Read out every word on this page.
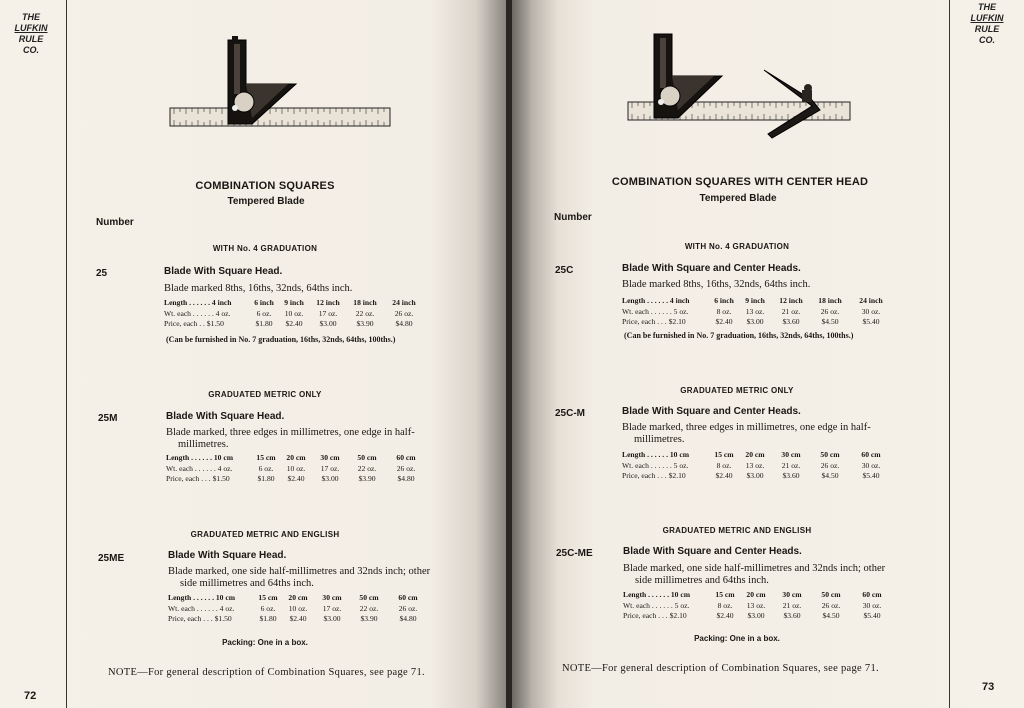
THE
LUFKIN
RULE
CO.
COMBINATION SQUARES
Tempered Blade
Number
WITH No. 4 GRADUATION
25	Blade With Square Head.
Blade marked 8ths, 16ths, 32nds, 64ths inch.
Length . . . . . . 4 inch	6 inch	9 inch	12 inch	18 inch	24 inch
Wt. each . . . . . . 4 oz.	6 oz.	10 oz.	17 oz.	22 oz.	26 oz.
Price, each . . $1.50	$1.80	$2.40	$3.00	$3.90	$4.80
(Can be furnished in No. 7 graduation, 16ths, 32nds, 64ths, 100ths.)
GRADUATED METRIC ONLY
25M	Blade With Square Head.
Blade marked, three edges in millimetres, one edge in half-
millimetres.
Length . . . . . . 10 cm	15 cm	20 cm	30 cm	50 cm	60 cm
Wt. each . . . . . . 4 oz.	6 oz.	10 oz.	17 oz.	22 oz.	26 oz.
Price, each . . . $1.50	$1.80	$2.40	$3.00	$3.90	$4.80
GRADUATED METRIC AND ENGLISH
25ME	Blade With Square Head.
Blade marked, one side half-millimetres and 32nds inch; other
side millimetres and 64ths inch.
Length . . . . . . 10 cm	15 cm	20 cm	30 cm	50 cm	60 cm
Wt. each . . . . . . 4 oz.	6 oz.	10 oz.	17 oz.	22 oz.	26 oz.
Price, each . . . $1.50	$1.80	$2.40	$3.00	$3.90	$4.80
Packing: One in a box.
NOTE—For general description of Combination Squares, see page 71.
72
THE
LUFKIN
RULE
CO.
COMBINATION SQUARES WITH CENTER HEAD
Tempered Blade
Number
WITH No. 4 GRADUATION
25C	Blade With Square and Center Heads.
Blade marked 8ths, 16ths, 32nds, 64ths inch.
Length . . . . . . 4 inch	6 inch	9 inch	12 inch	18 inch	24 inch
Wt. each . . . . . . 5 oz.	8 oz.	13 oz.	21 oz.	26 oz.	30 oz.
Price, each . . . $2.10	$2.40	$3.00	$3.60	$4.50	$5.40
(Can be furnished in No. 7 graduation, 16ths, 32nds, 64ths, 100ths.)
GRADUATED METRIC ONLY
25C-M	Blade With Square and Center Heads.
Blade marked, three edges in millimetres, one edge in half-
millimetres.
Length . . . . . . 10 cm	15 cm	20 cm	30 cm	50 cm	60 cm
Wt. each . . . . . . 5 oz.	8 oz.	13 oz.	21 oz.	26 oz.	30 oz.
Price, each . . . $2.10	$2.40	$3.00	$3.60	$4.50	$5.40
GRADUATED METRIC AND ENGLISH
25C-ME	Blade With Square and Center Heads.
Blade marked, one side half-millimetres and 32nds inch; other
side millimetres and 64ths inch.
Length . . . . . . 10 cm	15 cm	20 cm	30 cm	50 cm	60 cm
Wt. each . . . . . . 5 oz.	8 oz.	13 oz.	21 oz.	26 oz.	30 oz.
Price, each . . . $2.10	$2.40	$3.00	$3.60	$4.50	$5.40
Packing: One in a box.
NOTE—For general description of Combination Squares, see page 71.
73
